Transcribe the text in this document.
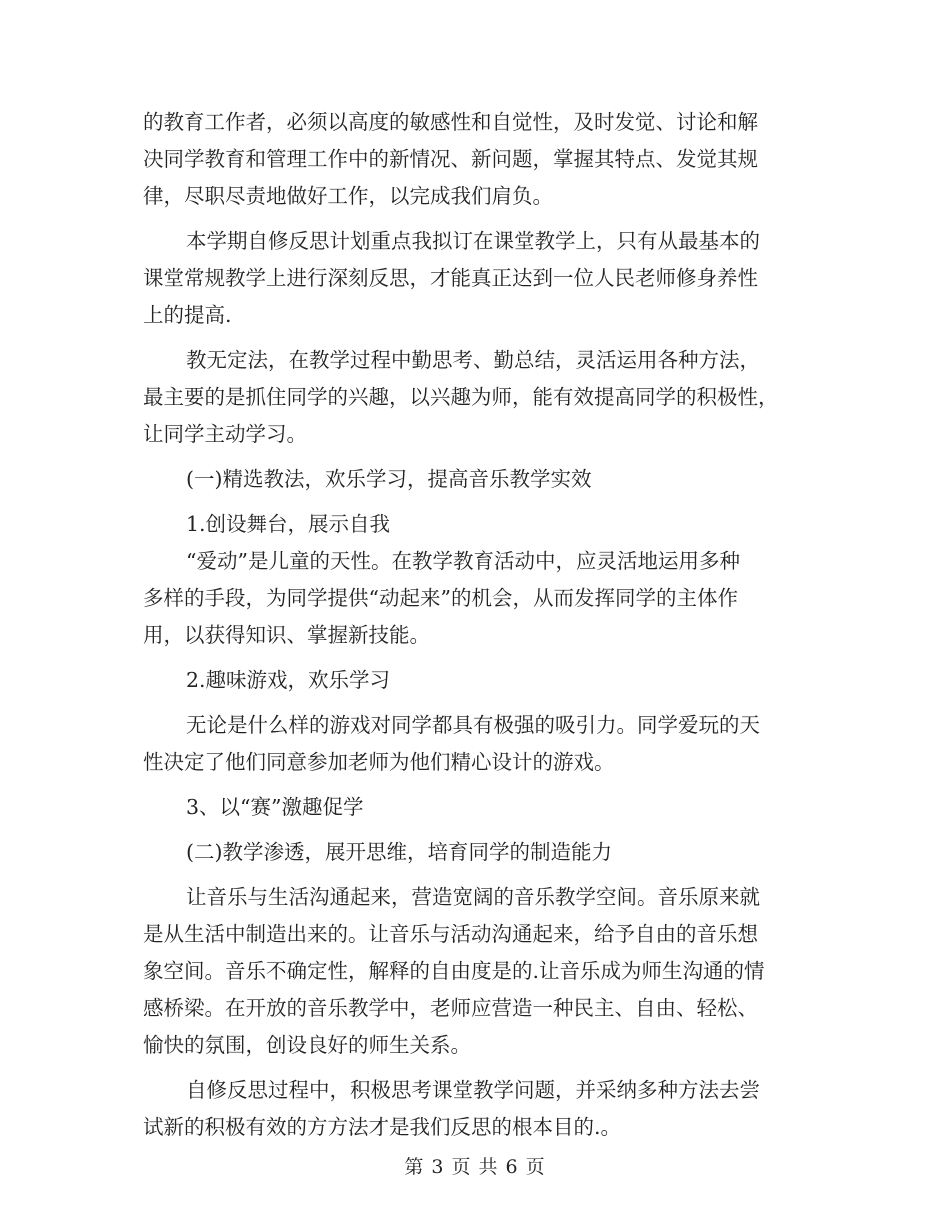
的教育工作者，必须以高度的敏感性和自觉性，及时发觉、讨论和解
决同学教育和管理工作中的新情况、新问题，掌握其特点、发觉其规
律，尽职尽责地做好工作，以完成我们肩负。
本学期自修反思计划重点我拟订在课堂教学上，只有从最基本的
课堂常规教学上进行深刻反思，才能真正达到一位人民老师修身养性
上的提高.
教无定法，在教学过程中勤思考、勤总结，灵活运用各种方法，
最主要的是抓住同学的兴趣，以兴趣为师，能有效提高同学的积极性，
让同学主动学习。
(一)精选教法，欢乐学习，提高音乐教学实效
1.创设舞台，展示自我
“爱动”是儿童的天性。在教学教育活动中，应灵活地运用多种
多样的手段，为同学提供“动起来”的机会，从而发挥同学的主体作
用，以获得知识、掌握新技能。
2.趣味游戏，欢乐学习
无论是什么样的游戏对同学都具有极强的吸引力。同学爱玩的天
性决定了他们同意参加老师为他们精心设计的游戏。
3、以“赛”激趣促学
(二)教学渗透，展开思维，培育同学的制造能力
让音乐与生活沟通起来，营造宽阔的音乐教学空间。音乐原来就
是从生活中制造出来的。让音乐与活动沟通起来，给予自由的音乐想
象空间。音乐不确定性，解释的自由度是的.让音乐成为师生沟通的情
感桥梁。在开放的音乐教学中，老师应营造一种民主、自由、轻松、
愉快的氛围，创设良好的师生关系。
自修反思过程中，积极思考课堂教学问题，并采纳多种方法去尝
试新的积极有效的方方法才是我们反思的根本目的.。
第 3 页 共 6 页
